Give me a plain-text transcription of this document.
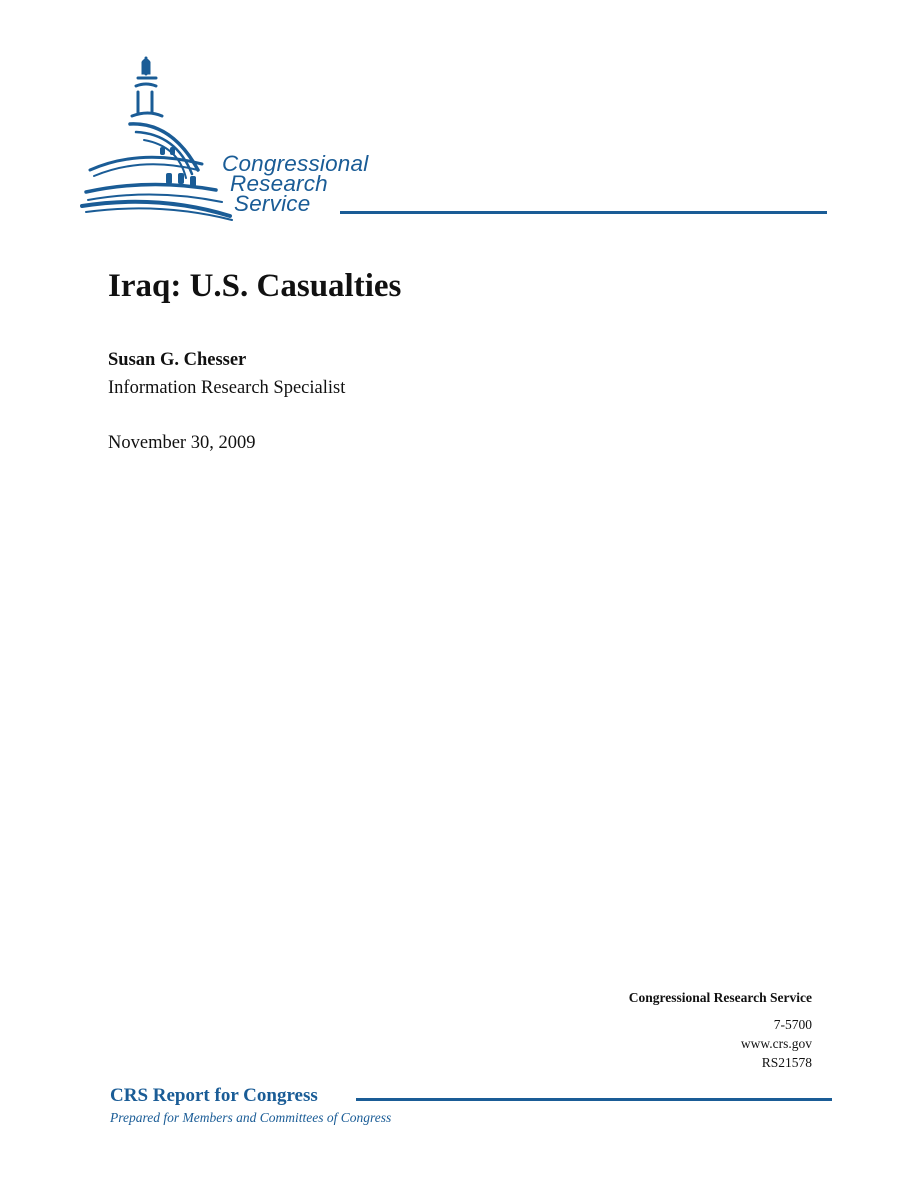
Congressional
Research
Service
Iraq: U.S. Casualties
Susan G. Chesser
Information Research Specialist
November 30, 2009
Congressional Research Service
7-5700
www.crs.gov
RS21578
CRS Report for Congress
Prepared for Members and Committees of Congress
